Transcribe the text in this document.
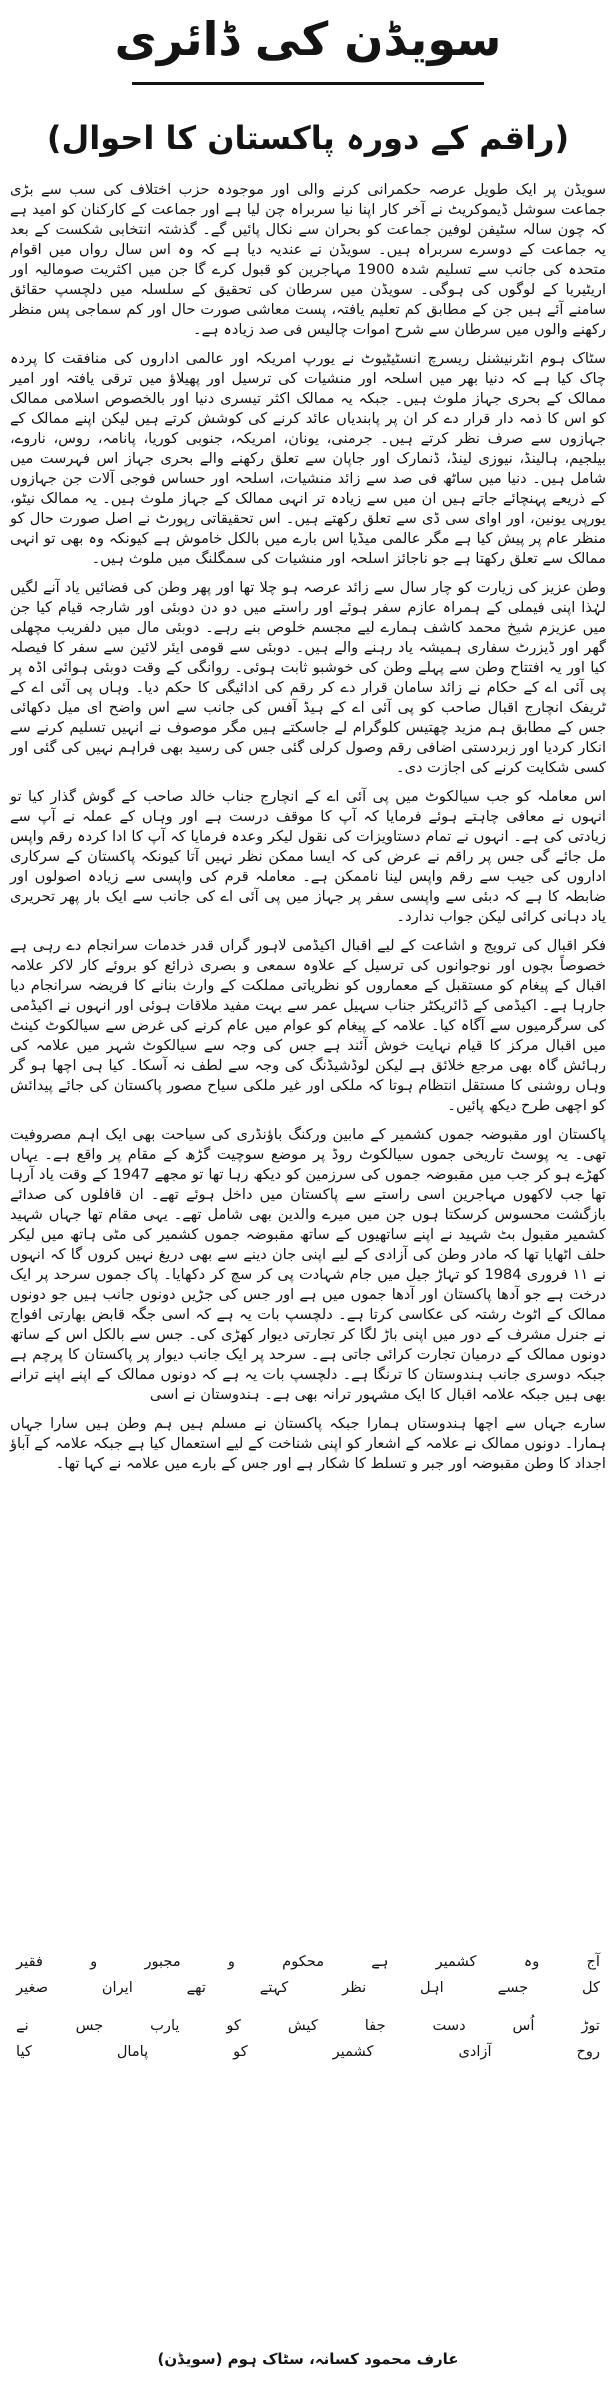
سویڈن کی ڈائری
(راقم کے دورہ پاکستان کا احوال)

سویڈن پر ایک طویل عرصہ حکمرانی کرنے والی اور موجودہ حزب اختلاف کی سب سے بڑی جماعت سوشل ڈیموکریٹ نے آخر کار اپنا نیا سربراہ چن لیا ہے اور جماعت کے کارکنان کو امید ہے کہ چون سالہ سٹیفن لوفین جماعت کو بحران سے نکال پائیں گے۔ گذشتہ انتخابی شکست کے بعد یہ جماعت کے دوسرے سربراہ ہیں۔ سویڈن نے عندیہ دیا ہے کہ وہ اس سال رواں میں اقوام متحدہ کی جانب سے تسلیم شدہ 1900 مہاجرین کو قبول کرے گا جن میں اکثریت صومالیہ اور اریٹیریا کے لوگوں کی ہوگی۔ سویڈن میں سرطان کی تحقیق کے سلسلہ میں دلچسپ حقائق سامنے آئے ہیں جن کے مطابق کم تعلیم یافتہ، پست معاشی صورت حال اور کم سماجی پس منظر رکھنے والوں میں سرطان سے شرح اموات چالیس فی صد زیادہ ہے۔

سٹاک ہوم انٹرنیشنل ریسرچ انسٹیٹیوٹ نے یورپ امریکہ اور عالمی اداروں کی منافقت کا پردہ چاک کیا ہے کہ دنیا بھر میں اسلحہ اور منشیات کی ترسیل اور پھیلاؤ میں ترقی یافتہ اور امیر ممالک کے بحری جہاز ملوث ہیں۔ جبکہ یہ ممالک اکثر تیسری دنیا اور بالخصوص اسلامی ممالک کو اس کا ذمہ دار قرار دے کر ان پر پابندیاں عائد کرنے کی کوشش کرتے ہیں لیکن اپنے ممالک کے جہازوں سے صرف نظر کرتے ہیں۔ جرمنی، یونان، امریکہ، جنوبی کوریا، پانامہ، روس، ناروے، بیلجیم، ہالینڈ، نیوزی لینڈ، ڈنمارک اور جاپان سے تعلق رکھنے والے بحری جہاز اس فہرست میں شامل ہیں۔ دنیا میں ساٹھ فی صد سے زائد منشیات، اسلحہ اور حساس فوجی آلات جن جہازوں کے ذریعے پہنچائے جاتے ہیں ان میں سے زیادہ تر انہی ممالک کے جہاز ملوث ہیں۔ یہ ممالک نیٹو، یورپی یونین، اور اوای سی ڈی سے تعلق رکھتے ہیں۔ اس تحقیقاتی رپورٹ نے اصل صورت حال کو منظر عام پر پیش کیا ہے مگر عالمی میڈیا اس بارے میں بالکل خاموش ہے کیونکہ وہ بھی تو انہی ممالک سے تعلق رکھتا ہے جو ناجائز اسلحہ اور منشیات کی سمگلنگ میں ملوث ہیں۔

وطن عزیز کی زیارت کو چار سال سے زائد عرصہ ہو چلا تھا اور پھر وطن کی فضائیں یاد آنے لگیں لہٰذا اپنی فیملی کے ہمراہ عازم سفر ہوئے اور راستے میں دو دن دوبئی اور شارجہ قیام کیا جن میں عزیزم شیخ محمد کاشف ہمارے لیے مجسم خلوص بنے رہے۔ دوبئی مال میں دلفریب مچھلی گھر اور ڈیزرٹ سفاری ہمیشہ یاد رہنے والے ہیں۔ دوبئی سے قومی ایئر لائین سے سفر کا فیصلہ کیا اور یہ افتتاح وطن سے پہلے وطن کی خوشبو ثابت ہوئی۔ روانگی کے وقت دوبئی ہوائی اڈہ پر پی آئی اے کے حکام نے زائد سامان قرار دے کر رقم کی ادائیگی کا حکم دیا۔ وہاں پی آئی اے کے ٹریفک انچارج اقبال صاحب کو پی آئی اے کے ہیڈ آفس کی جانب سے اس واضح ای میل دکھائی جس کے مطابق ہم مزید چھتیس کلوگرام لے جاسکتے ہیں مگر موصوف نے انہیں تسلیم کرنے سے انکار کردیا اور زبردستی اضافی رقم وصول کرلی گئی جس کی رسید بھی فراہم نہیں کی گئی اور کسی شکایت کرنے کی اجازت دی۔

اس معاملہ کو جب سیالکوٹ میں پی آئی اے کے انچارج جناب خالد صاحب کے گوش گذار کیا تو انہوں نے معافی چاہتے ہوئے فرمایا کہ آپ کا موقف درست ہے اور وہاں کے عملہ نے آپ سے زیادتی کی ہے۔ انہوں نے تمام دستاویزات کی نقول لیکر وعدہ فرمایا کہ آپ کا ادا کردہ رقم واپس مل جائے گی جس پر راقم نے عرض کی کہ ایسا ممکن نظر نہیں آتا کیونکہ پاکستان کے سرکاری اداروں کی جیب سے رقم واپس لینا ناممکن ہے۔ معاملہ قرم کی واپسی سے زیادہ اصولوں اور ضابطہ کا ہے کہ دبئی سے واپسی سفر پر جہاز میں پی آئی اے کی جانب سے ایک بار پھر تحریری یاد دہانی کرائی لیکن جواب ندارد۔

فکر اقبال کی ترویج و اشاعت کے لیے اقبال اکیڈمی لاہور گراں قدر خدمات سرانجام دے رہی ہے خصوصاً بچوں اور نوجوانوں کی ترسیل کے علاوہ سمعی و بصری ذرائع کو بروئے کار لاکر علامہ اقبال کے پیغام کو مستقبل کے معماروں کو نظریاتی مملکت کے وارث بنانے کا فریضہ سرانجام دیا جارہا ہے۔ اکیڈمی کے ڈائریکٹر جناب سہیل عمر سے بہت مفید ملاقات ہوئی اور انہوں نے اکیڈمی کی سرگرمیوں سے آگاہ کیا۔ علامہ کے پیغام کو عوام میں عام کرنے کی غرض سے سیالکوٹ کینٹ میں اقبال مرکز کا قیام نہایت خوش آئند ہے جس کی وجہ سے سیالکوٹ شہر میں علامہ کی رہائش گاہ بھی مرجع خلائق ہے لیکن لوڈشیڈنگ کی وجہ سے لطف نہ آسکا۔ کیا ہی اچھا ہو گر وہاں روشنی کا مستقل انتظام ہوتا کہ ملکی اور غیر ملکی سیاح مصور پاکستان کی جائے پیدائش کو اچھی طرح دیکھ پائیں۔

پاکستان اور مقبوضہ جموں کشمیر کے مابین ورکنگ باؤنڈری کی سیاحت بھی ایک اہم مصروفیت تھی۔ یہ پوسٹ تاریخی جموں سیالکوٹ روڈ پر موضع سوچیت گڑھ کے مقام پر واقع ہے۔ یہاں کھڑے ہو کر جب میں مقبوضہ جموں کی سرزمین کو دیکھ رہا تھا تو مجھے 1947 کے وقت یاد آرہا تھا جب لاکھوں مہاجرین اسی راستے سے پاکستان میں داخل ہوئے تھے۔ ان قافلوں کی صدائے بازگشت محسوس کرسکتا ہوں جن میں میرے والدین بھی شامل تھے۔ یہی مقام تھا جہاں شہید کشمیر مقبول بٹ شہید نے اپنے ساتھیوں کے ساتھ مقبوضہ جموں کشمیر کی مٹی ہاتھ میں لیکر حلف اٹھایا تھا کہ مادر وطن کی آزادی کے لیے اپنی جان دینے سے بھی دریغ نہیں کروں گا کہ انہوں نے ۱۱ فروری 1984 کو تہاڑ جیل میں جام شہادت پی کر سچ کر دکھایا۔ پاک جموں سرحد پر ایک درخت ہے جو آدھا پاکستان اور آدھا جموں میں ہے اور جس کی جڑیں دونوں جانب ہیں جو دونوں ممالک کے اٹوٹ رشتہ کی عکاسی کرتا ہے۔ دلچسپ بات یہ ہے کہ اسی جگہ قابض بھارتی افواج نے جنرل مشرف کے دور میں اپنی باڑ لگا کر تجارتی دیوار کھڑی کی۔ جس سے بالکل اس کے ساتھ دونوں ممالک کے درمیان تجارت کرائی جاتی ہے۔ سرحد پر ایک جانب دیوار پر پاکستان کا پرچم ہے جبکہ دوسری جانب ہندوستان کا ترنگا ہے۔ دلچسپ بات یہ ہے کہ دونوں ممالک کے اپنے اپنے ترانے بھی ہیں جبکہ علامہ اقبال کا ایک مشہور ترانہ بھی ہے۔ ہندوستان نے اسی

سارے جہاں سے اچھا ہندوستاں ہمارا جبکہ پاکستان نے مسلم ہیں ہم وطن ہیں سارا جہاں ہمارا۔ دونوں ممالک نے علامہ کے اشعار کو اپنی شناخت کے لیے استعمال کیا ہے جبکہ علامہ کے آباؤ اجداد کا وطن مقبوضہ اور جبر و تسلط کا شکار ہے اور جس کے بارے میں علامہ نے کہا تھا۔

آج
وہ
کشمیر
ہے
محکوم
و
مجبور
و
فقیر

کل
جسے
اہل
نظر
کہتے
تھے
ایران
صغیر

توڑ
اُس
دست
جفا
کیش
کو
یارب
جس
نے

روح
آزادی
کشمیر
کو
پامال
کیا

عارف محمود کسانہ، سٹاک ہوم (سویڈن)
